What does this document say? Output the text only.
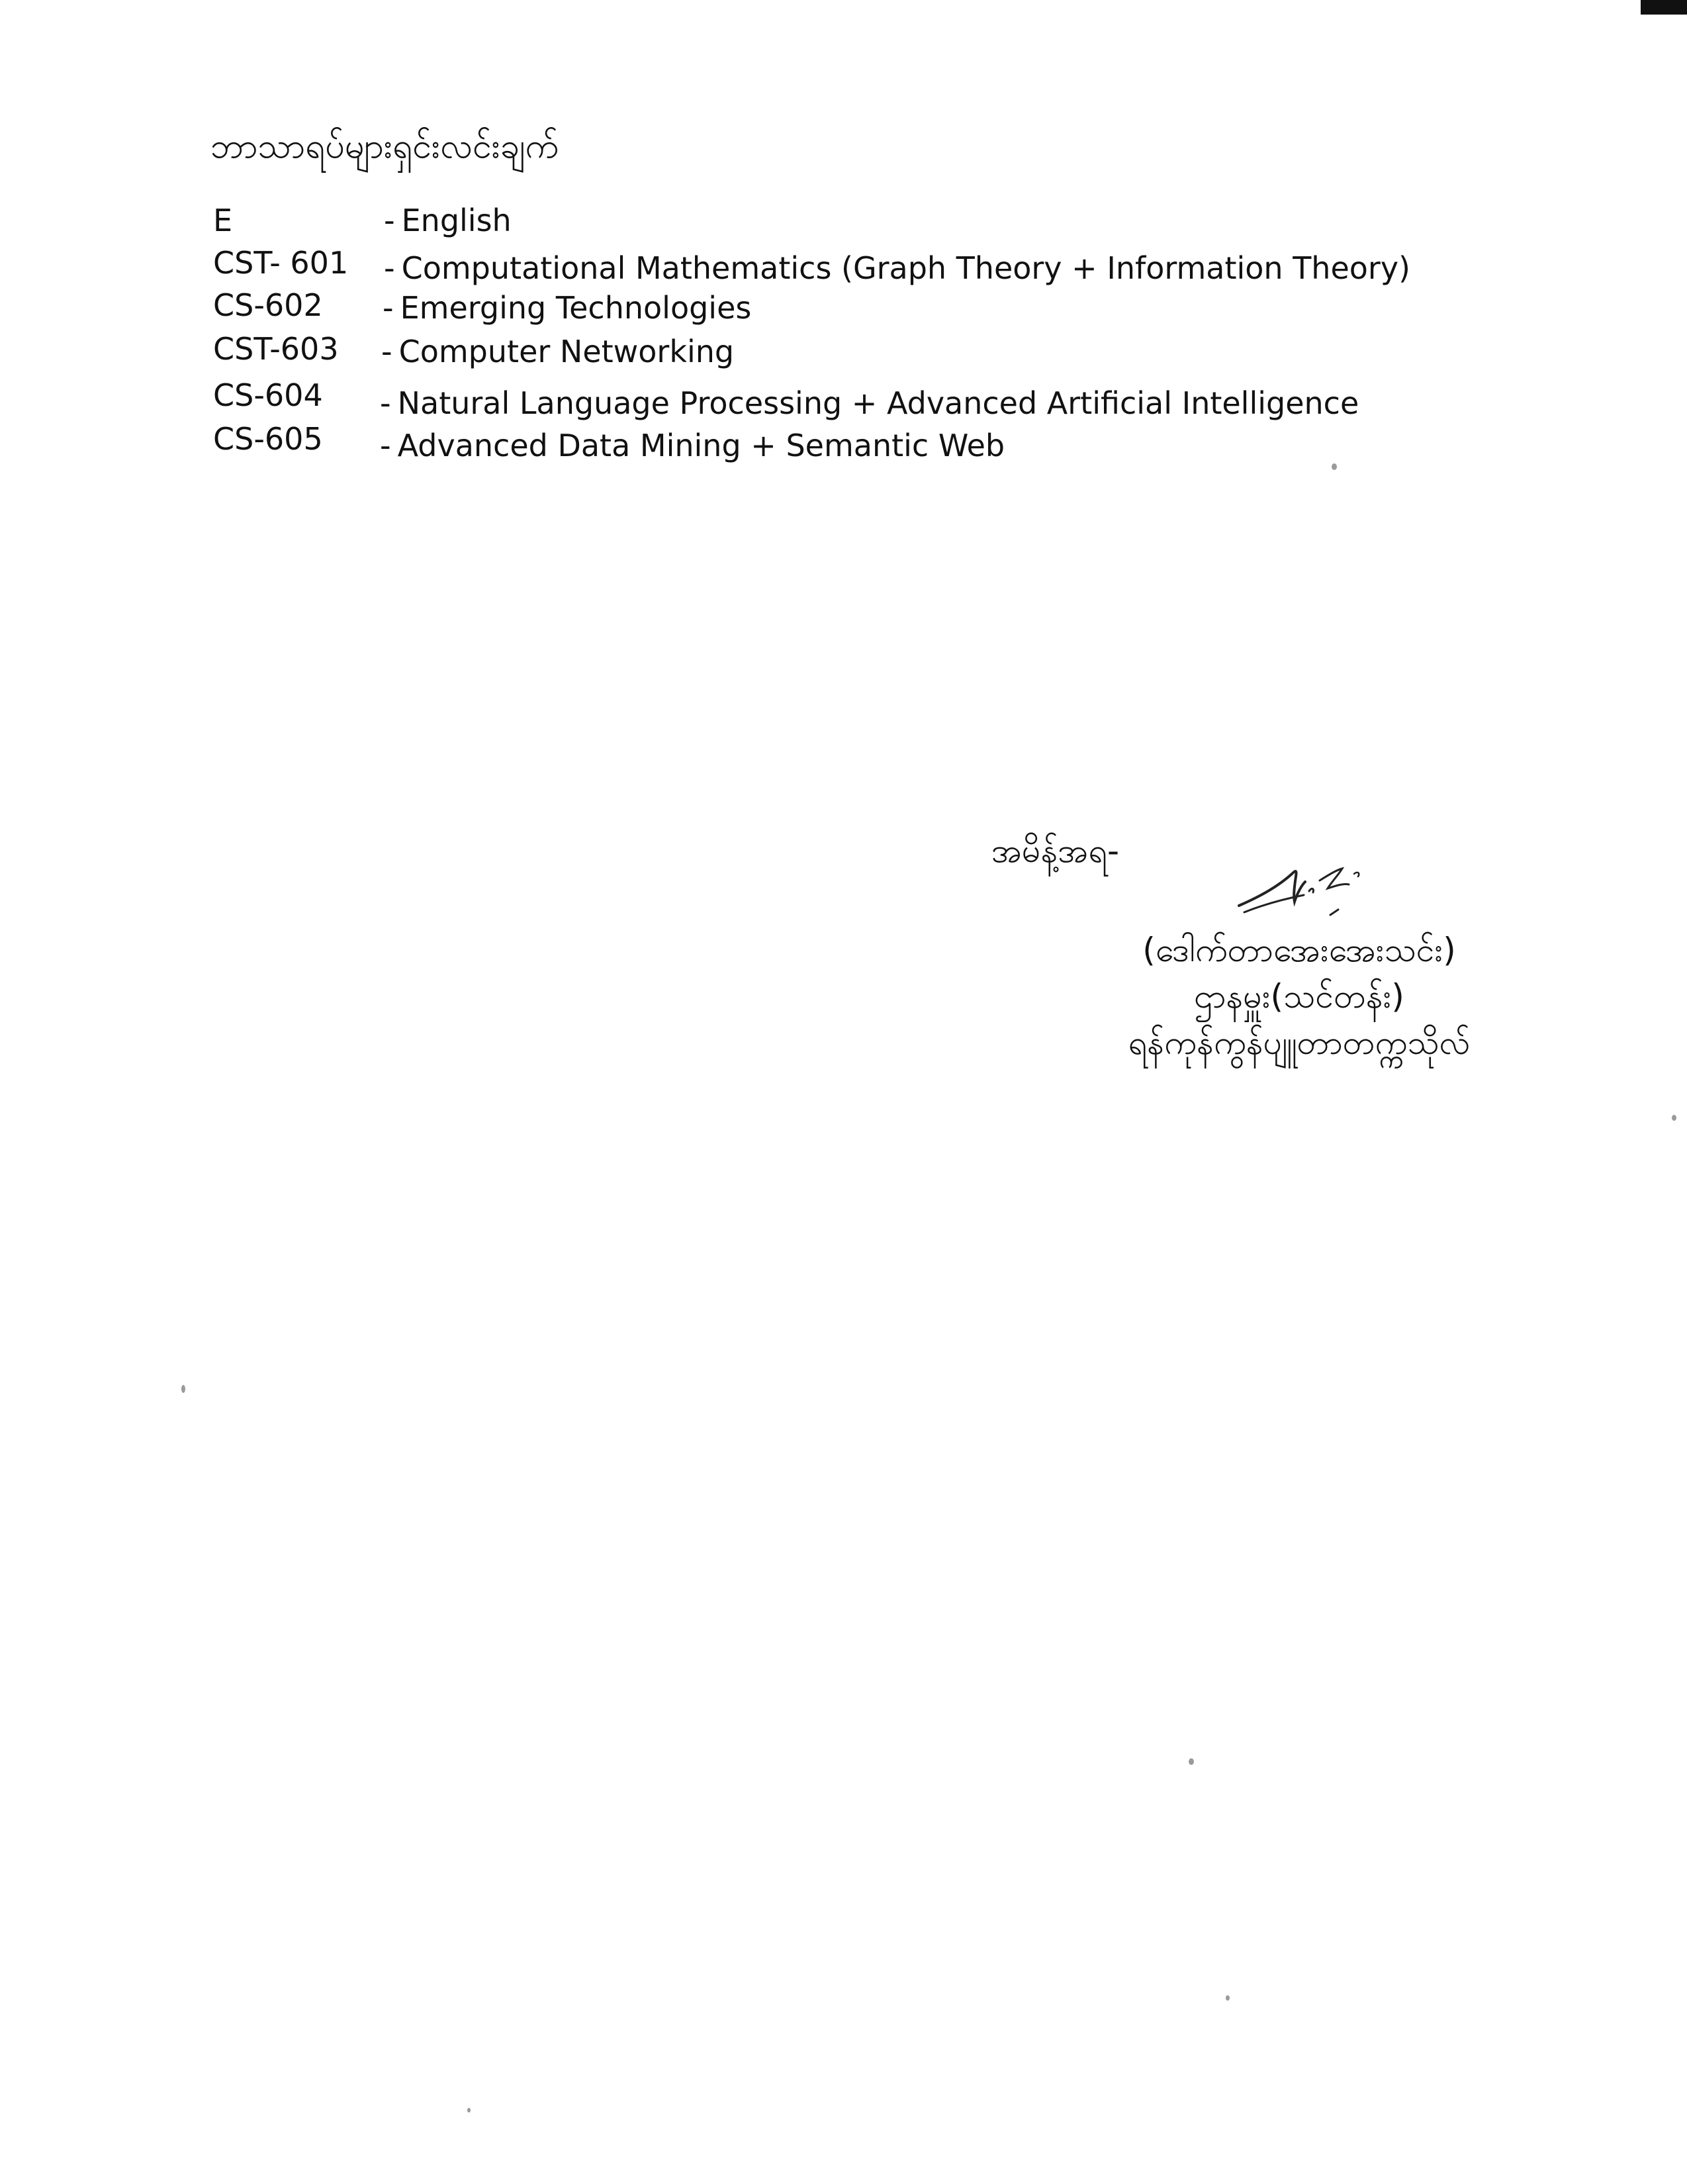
ဘာသာရပ်များရှင်းလင်းချက်
E	- English
CST- 601 - Computational Mathematics (Graph Theory + Information Theory)
CS-602 - Emerging Technologies
CST-603 - Computer Networking
CS-604 - Natural Language Processing + Advanced Artificial Intelligence
CS-605 - Advanced Data Mining + Semantic Web
အမိန့်အရ-
(ဒေါက်တာအေးအေးသင်း)
ဌာနမှူး(သင်တန်း)
ရန်ကုန်ကွန်ပျူတာတက္ကသိုလ်
